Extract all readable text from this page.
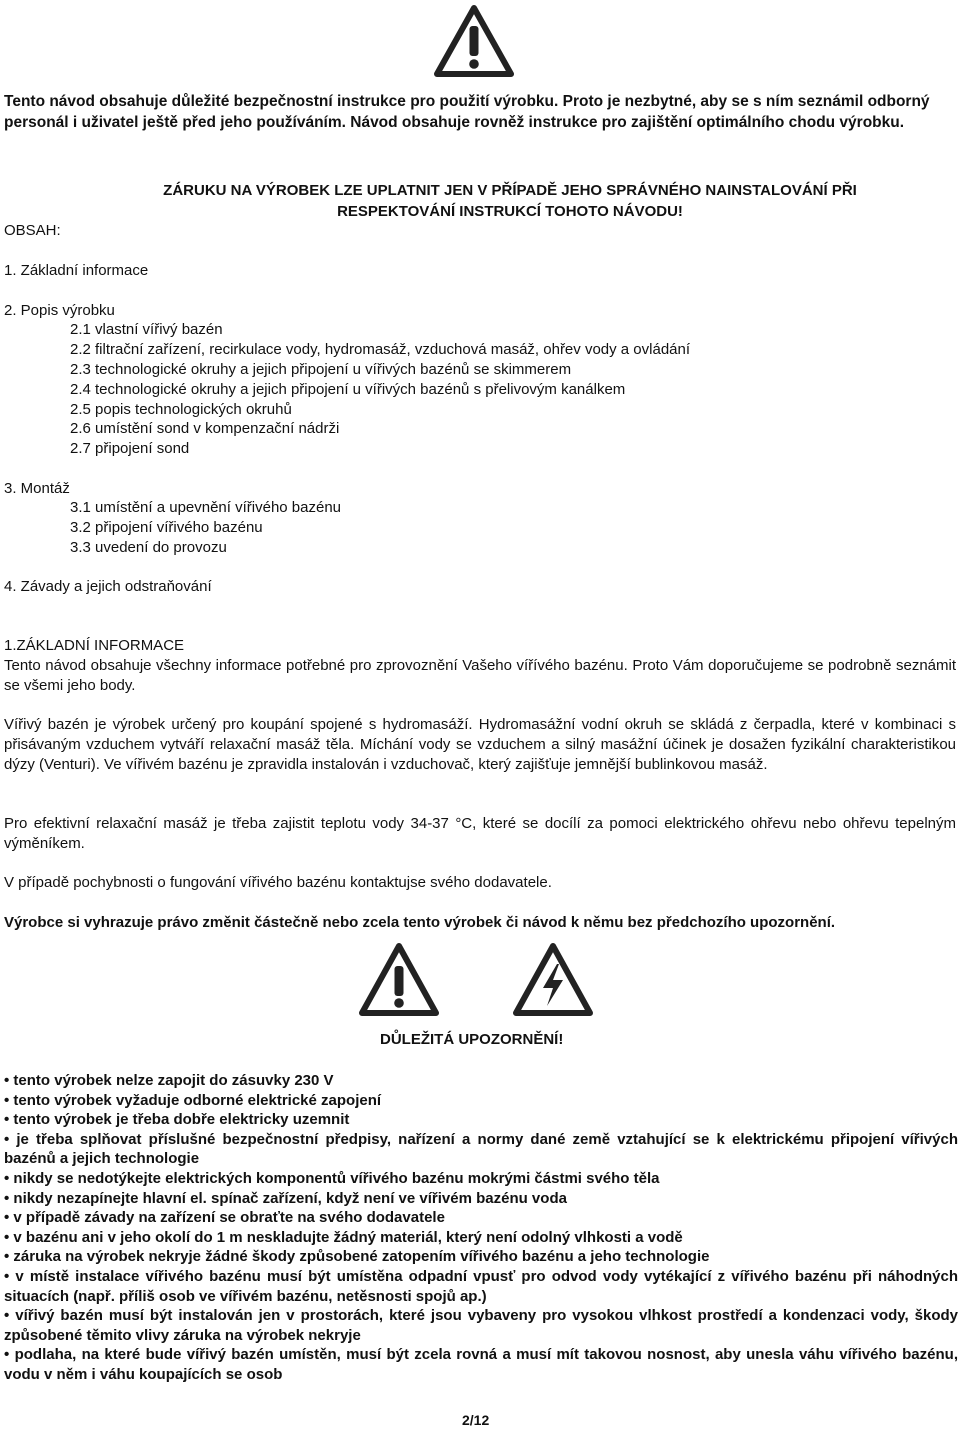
Tento návod obsahuje důležité bezpečnostní instrukce pro použití výrobku. Proto je nezbytné, aby se s ním seznámil odborný personál i uživatel ještě před jeho používáním. Návod obsahuje rovněž instrukce pro zajištění optimálního chodu výrobku.
ZÁRUKU NA VÝROBEK LZE UPLATNIT JEN V PŘÍPADĚ JEHO SPRÁVNÉHO NAINSTALOVÁNÍ PŘI
RESPEKTOVÁNÍ INSTRUKCÍ TOHOTO NÁVODU!
OBSAH:
1. Základní informace
2. Popis výrobku
2.1 vlastní vířivý bazén
2.2 filtrační zařízení, recirkulace vody, hydromasáž, vzduchová masáž, ohřev vody a ovládání
2.3 technologické okruhy a jejich připojení u vířivých bazénů se skimmerem
2.4 technologické okruhy a jejich připojení u vířivých bazénů s přelivovým kanálkem
2.5 popis technologických okruhů
2.6 umístění sond v kompenzační nádrži
2.7 připojení sond
3. Montáž
3.1 umístění a upevnění vířivého bazénu
3.2 připojení vířivého bazénu
3.3 uvedení do provozu
4. Závady a jejich odstraňování
1.ZÁKLADNÍ INFORMACE
Tento návod obsahuje všechny informace potřebné pro zprovoznění Vašeho vířívého bazénu. Proto Vám doporučujeme se podrobně seznámit se všemi jeho body.
Vířivý bazén je výrobek určený pro koupání spojené s hydromasáží. Hydromasážní vodní okruh se skládá z čerpadla, které v kombinaci s přisávaným vzduchem vytváří relaxační masáž těla. Míchání vody se vzduchem a silný masážní účinek je dosažen fyzikální charakteristikou dýzy (Venturi). Ve vířivém bazénu je zpravidla instalován i vzduchovač, který zajišťuje jemnější bublinkovou masáž.
Pro efektivní relaxační masáž je třeba zajistit teplotu vody 34-37 °C, které se docílí za pomoci elektrického ohřevu nebo ohřevu tepelným výměníkem.
V případě pochybnosti o fungování vířivého bazénu kontaktujse svého dodavatele.
Výrobce si vyhrazuje právo změnit částečně nebo zcela tento výrobek či návod k němu bez předchozího upozornění.
DŮLEŽITÁ UPOZORNĚNÍ!
• tento výrobek nelze zapojit do zásuvky 230 V
• tento výrobek vyžaduje odborné elektrické zapojení
• tento výrobek je třeba dobře elektricky uzemnit
• je třeba splňovat příslušné bezpečnostní předpisy, nařízení a normy dané země vztahující se k elektrickému připojení vířivých bazénů a jejich technologie
• nikdy se nedotýkejte elektrických komponentů vířivého bazénu mokrými částmi svého těla
• nikdy nezapínejte hlavní el. spínač zařízení, když není ve vířivém bazénu voda
• v případě závady na zařízení se obraťte na svého dodavatele
• v bazénu ani v jeho okolí do 1 m neskladujte žádný materiál, který není odolný vlhkosti a vodě
• záruka na výrobek nekryje žádné škody způsobené zatopením vířivého bazénu a jeho technologie
• v místě instalace vířivého bazénu musí být umístěna odpadní vpusť pro odvod vody vytékající z vířivého bazénu při náhodných situacích (např. příliš osob ve vířivém bazénu, netěsnosti spojů ap.)
• vířivý bazén musí být instalován jen v prostorách, které jsou vybaveny pro vysokou vlhkost prostředí a kondenzaci vody, škody způsobené těmito vlivy záruka na výrobek nekryje
• podlaha, na které bude vířivý bazén umístěn, musí být zcela rovná a musí mít takovou nosnost, aby unesla váhu vířivého bazénu, vodu v něm i váhu koupajících se osob
2/12
